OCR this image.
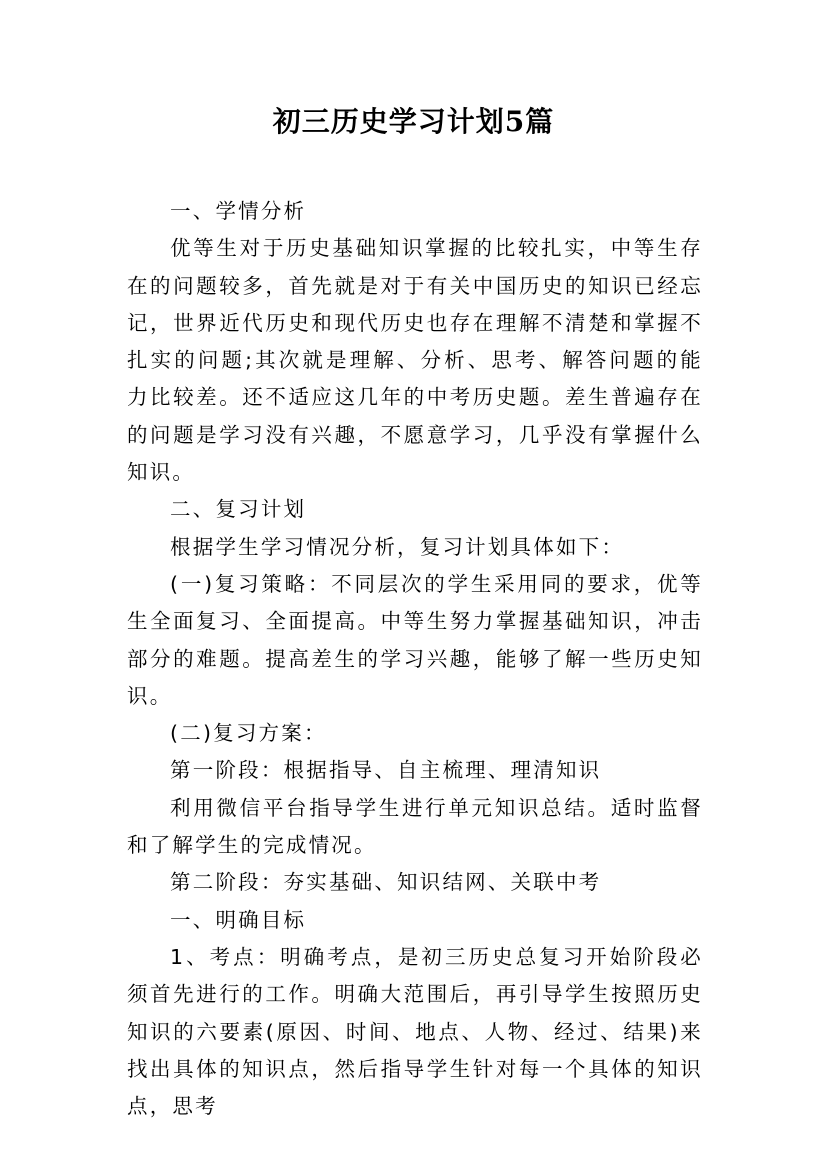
初三历史学习计划5篇

一、学情分析

优等生对于历史基础知识掌握的比较扎实，中等生存在的问题较多，首先就是对于有关中国历史的知识已经忘记，世界近代历史和现代历史也存在理解不清楚和掌握不扎实的问题;其次就是理解、分析、思考、解答问题的能力比较差。还不适应这几年的中考历史题。差生普遍存在的问题是学习没有兴趣，不愿意学习，几乎没有掌握什么知识。

二、复习计划

根据学生学习情况分析，复习计划具体如下：

(一)复习策略：不同层次的学生采用同的要求，优等生全面复习、全面提高。中等生努力掌握基础知识，冲击部分的难题。提高差生的学习兴趣，能够了解一些历史知识。

(二)复习方案：

第一阶段：根据指导、自主梳理、理清知识

利用微信平台指导学生进行单元知识总结。适时监督和了解学生的完成情况。

第二阶段：夯实基础、知识结网、关联中考

一、明确目标

1、考点：明确考点，是初三历史总复习开始阶段必须首先进行的工作。明确大范围后，再引导学生按照历史知识的六要素(原因、时间、地点、人物、经过、结果)来找出具体的知识点，然后指导学生针对每一个具体的知识点，思考
